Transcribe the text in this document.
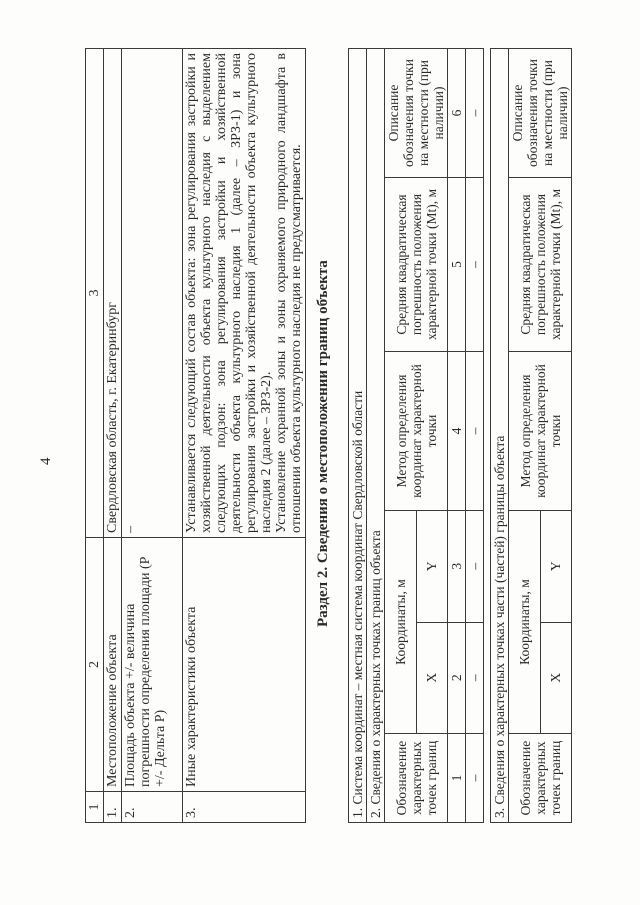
4
1	2	3
1.	Местоположение объекта	Свердловская область, г. Екатеринбург
2.	Площадь объекта +/- величина погрешности определения площади (Р +/- Дельта Р)	–
3.	Иные характеристики объекта	Устанавливается следующий состав объекта: зона регулирования застройки и хозяйственной деятельности объекта культурного наследия с выделением следующих подзон: зона регулирования застройки и хозяйственной деятельности объекта культурного наследия 1 (далее – ЗРЗ-1) и зона регулирования застройки и хозяйственной деятельности объекта культурного наследия 2 (далее – ЗРЗ-2). Установление охранной зоны и зоны охраняемого природного ландшафта в отношении объекта культурного наследия не предусматривается. Раздел 2. Сведения о местоположении границ объекта 1. Система координат – местная система координат Свердловской области					
2. Сведения о характерных точках границ объекта					
Обозначение характерных точек границ	Координаты, м		Метод определения координат характерной точки	Средняя квадратическая погрешность положения характерной точки (Mt), м	Описание обозначения точки на местности (при наличии)
	X	Y			
1	2	3	4	5	6
–	–	–	–	–	–

3. Сведения о характерных точках части (частей) границы объекта					
Обозначение характерных точек границ	Координаты, м		Метод определения координат характерной точки	Средняя квадратическая погрешность положения характерной точки (Mt), м	Описание обозначения точки на местности (при наличии)
	X	Y			
